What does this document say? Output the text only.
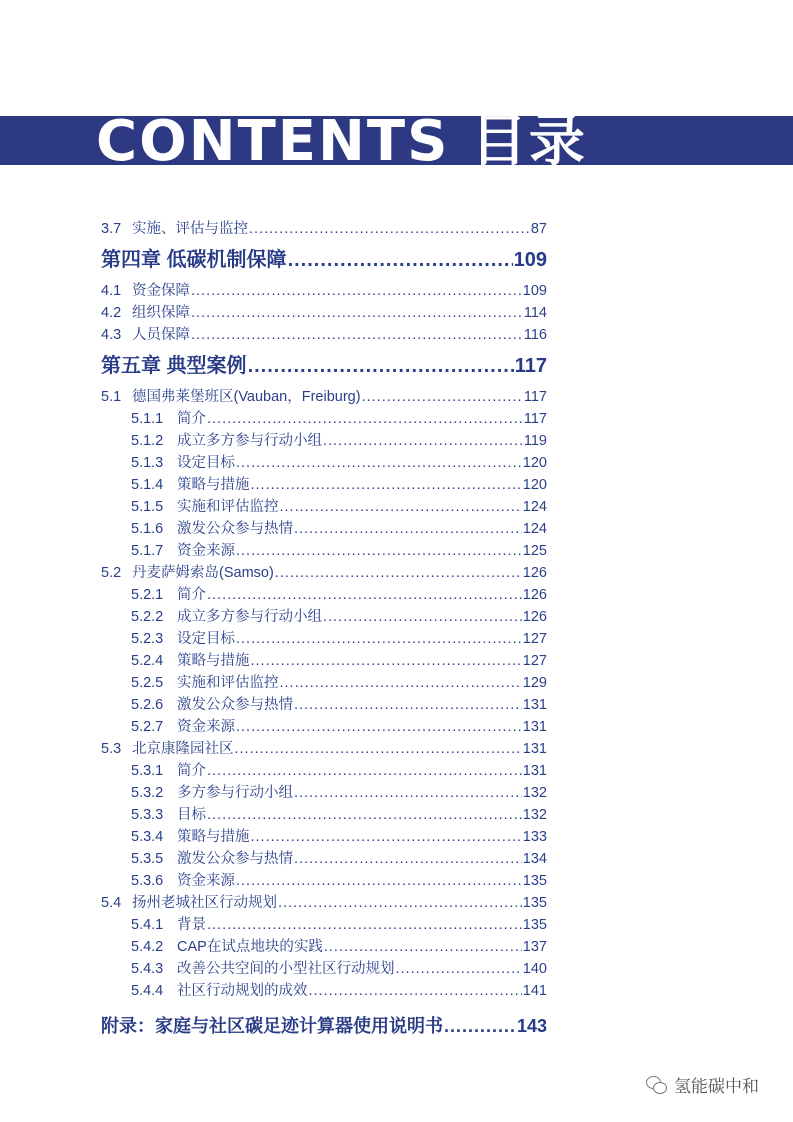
CONTENTS 目录
3.7 实施、评估与监控 .....	87
第四章 低碳机制保障 .....	109
4.1 资金保障 .....	109
4.2 组织保障 .....	114
4.3 人员保障 .....	116
第五章 典型案例 .....	117
5.1 德国弗莱堡班区(Vauban，Freiburg) .....	117
5.1.1 简介 .....	117
5.1.2 成立多方参与行动小组 .....	119
5.1.3 设定目标 .....	120
5.1.4 策略与措施 .....	120
5.1.5 实施和评估监控 .....	124
5.1.6 激发公众参与热情 .....	124
5.1.7 资金来源 .....	125
5.2 丹麦萨姆索岛(Samso) .....	126
5.2.1 简介 .....	126
5.2.2 成立多方参与行动小组 .....	126
5.2.3 设定目标 .....	127
5.2.4 策略与措施 .....	127
5.2.5 实施和评估监控 .....	129
5.2.6 激发公众参与热情 .....	131
5.2.7 资金来源 .....	131
5.3 北京康隆园社区 .....	131
5.3.1 简介 .....	131
5.3.2 多方参与行动小组 .....	132
5.3.3 目标 .....	132
5.3.4 策略与措施 .....	133
5.3.5 激发公众参与热情 .....	134
5.3.6 资金来源 .....	135
5.4 扬州老城社区行动规划 .....	135
5.4.1 背景 .....	135
5.4.2 CAP在试点地块的实践 .....	137
5.4.3 改善公共空间的小型社区行动规划 .....	140
5.4.4 社区行动规划的成效 .....	141
附录：家庭与社区碳足迹计算器使用说明书 .....	143
氢能碳中和
